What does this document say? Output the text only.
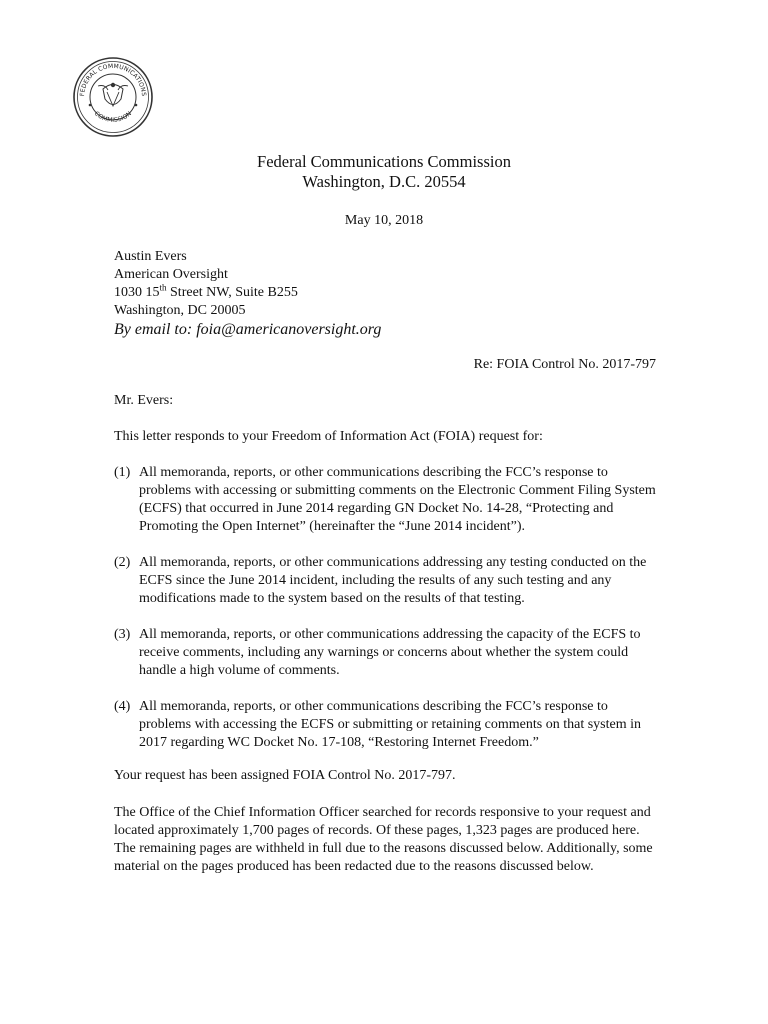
FEDERAL COMMUNICATIONS
COMMISSION
Federal Communications Commission
Washington, D.C. 20554
May 10, 2018
Austin Evers
American Oversight
1030 15th Street NW, Suite B255
Washington, DC 20005
By email to: foia@americanoversight.org
Re: FOIA Control No. 2017-797
Mr. Evers:
This letter responds to your Freedom of Information Act (FOIA) request for:
(1) All memoranda, reports, or other communications describing the FCC’s response to problems with accessing or submitting comments on the Electronic Comment Filing System (ECFS) that occurred in June 2014 regarding GN Docket No. 14-28, “Protecting and Promoting the Open Internet” (hereinafter the “June 2014 incident”).
(2) All memoranda, reports, or other communications addressing any testing conducted on the ECFS since the June 2014 incident, including the results of any such testing and any modifications made to the system based on the results of that testing.
(3) All memoranda, reports, or other communications addressing the capacity of the ECFS to receive comments, including any warnings or concerns about whether the system could handle a high volume of comments.
(4) All memoranda, reports, or other communications describing the FCC’s response to problems with accessing the ECFS or submitting or retaining comments on that system in 2017 regarding WC Docket No. 17-108, “Restoring Internet Freedom.”
Your request has been assigned FOIA Control No. 2017-797.
The Office of the Chief Information Officer searched for records responsive to your request and located approximately 1,700 pages of records. Of these pages, 1,323 pages are produced here. The remaining pages are withheld in full due to the reasons discussed below. Additionally, some material on the pages produced has been redacted due to the reasons discussed below.
